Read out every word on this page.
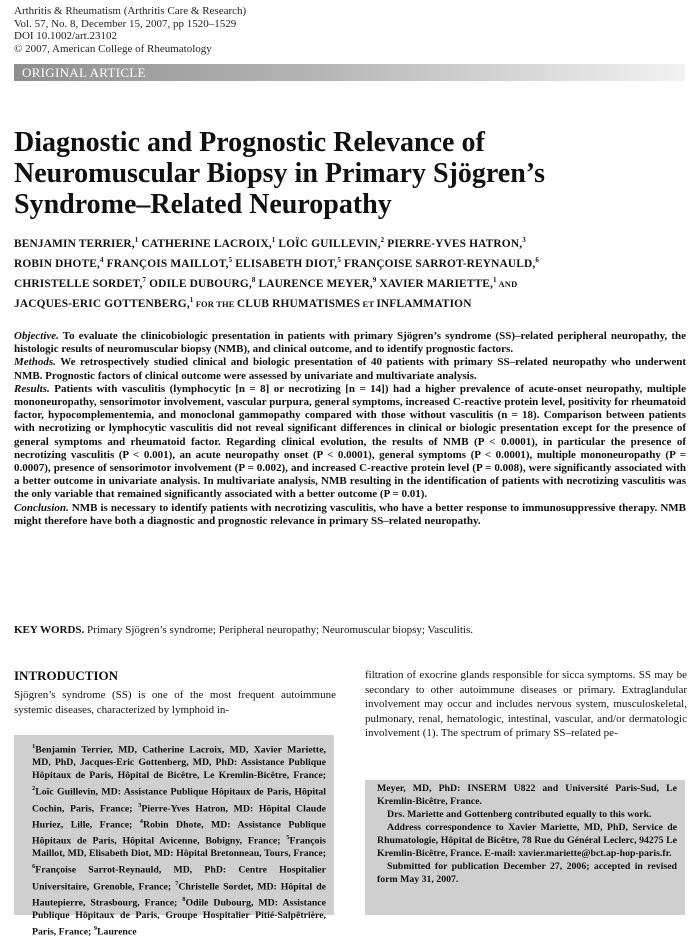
Arthritis & Rheumatism (Arthritis Care & Research)
Vol. 57, No. 8, December 15, 2007, pp 1520–1529
DOI 10.1002/art.23102
© 2007, American College of Rheumatology
ORIGINAL ARTICLE
Diagnostic and Prognostic Relevance of Neuromuscular Biopsy in Primary Sjögren’s Syndrome–Related Neuropathy
BENJAMIN TERRIER,$^1$ CATHERINE LACROIX,$^1$ LOÏC GUILLEVIN,$^2$ PIERRE-YVES HATRON,$^3$
ROBIN DHOTE,$^4$ FRANÇOIS MAILLOT,$^5$ ELISABETH DIOT,$^5$ FRANÇOISE SARROT-REYNAULD,$^6$
CHRISTELLE SORDET,$^7$ ODILE DUBOURG,$^8$ LAURENCE MEYER,$^9$ XAVIER MARIETTE,$^1$ AND
JACQUES-ERIC GOTTENBERG,$^1$ FOR THE CLUB RHUMATISMES ET INFLAMMATION

Objective. To evaluate the clinicobiologic presentation in patients with primary Sjögren’s syndrome (SS)–related peripheral neuropathy, the histologic results of neuromuscular biopsy (NMB), and clinical outcome, and to identify prognostic factors.

Methods. We retrospectively studied clinical and biologic presentation of 40 patients with primary SS–related neuropathy who underwent NMB. Prognostic factors of clinical outcome were assessed by univariate and multivariate analysis.

Results. Patients with vasculitis (lymphocytic [n = 8] or necrotizing [n = 14]) had a higher prevalence of acute-onset neuropathy, multiple mononeuropathy, sensorimotor involvement, vascular purpura, general symptoms, increased C-reactive protein level, positivity for rheumatoid factor, hypocomplementemia, and monoclonal gammopathy compared with those without vasculitis (n = 18). Comparison between patients with necrotizing or lymphocytic vasculitis did not reveal significant differences in clinical or biologic presentation except for the presence of general symptoms and rheumatoid factor. Regarding clinical evolution, the results of NMB (P < 0.0001), in particular the presence of necrotizing vasculitis (P < 0.001), an acute neuropathy onset (P < 0.0001), general symptoms (P < 0.0001), multiple mononeuropathy (P = 0.0007), presence of sensorimotor involvement (P = 0.002), and increased C-reactive protein level (P = 0.008), were significantly associated with a better outcome in univariate analysis. In multivariate analysis, NMB resulting in the identification of patients with necrotizing vasculitis was the only variable that remained significantly associated with a better outcome (P = 0.01).

Conclusion. NMB is necessary to identify patients with necrotizing vasculitis, who have a better response to immunosuppressive therapy. NMB might therefore have both a diagnostic and prognostic relevance in primary SS–related neuropathy.

KEY WORDS. Primary Sjögren’s syndrome; Peripheral neuropathy; Neuromuscular biopsy; Vasculitis.
INTRODUCTION

Sjögren’s syndrome (SS) is one of the most frequent autoimmune systemic diseases, characterized by lymphoid in-

filtration of exocrine glands responsible for sicca symptoms. SS may be secondary to other autoimmune diseases or primary. Extraglandular involvement may occur and includes nervous system, musculoskeletal, pulmonary, renal, hematologic, intestinal, vascular, and/or dermatologic involvement (1). The spectrum of primary SS–related pe-

$^1$Benjamin Terrier, MD, Catherine Lacroix, MD, Xavier Mariette, MD, PhD, Jacques-Eric Gottenberg, MD, PhD: Assistance Publique Hôpitaux de Paris, Hôpital de Bicêtre, Le Kremlin-Bicêtre, France; $^2$Loïc Guillevin, MD: Assistance Publique Hôpitaux de Paris, Hôpital Cochin, Paris, France; $^3$Pierre-Yves Hatron, MD: Hôpital Claude Huriez, Lille, France; $^4$Robin Dhote, MD: Assistance Publique Hôpitaux de Paris, Hôpital Avicenne, Bobigny, France; $^5$François Maillot, MD, Elisabeth Diot, MD: Hôpital Bretonneau, Tours, France; $^6$Françoise Sarrot-Reynauld, MD, PhD: Centre Hospitalier Universitaire, Grenoble, France; $^7$Christelle Sordet, MD: Hôpital de Hautepierre, Strasbourg, France; $^8$Odile Dubourg, MD: Assistance Publique Hôpitaux de Paris, Groupe Hospitalier Pitié-Salpêtrière, Paris, France; $^9$Laurence

Meyer, MD, PhD: INSERM U822 and Université Paris-Sud, Le Kremlin-Bicêtre, France.

Drs. Mariette and Gottenberg contributed equally to this work.

Address correspondence to Xavier Mariette, MD, PhD, Service de Rhumatologie, Hôpital de Bicêtre, 78 Rue du Général Leclerc, 94275 Le Kremlin-Bicêtre, France. E-mail: xavier.mariette@bct.ap-hop-paris.fr.

Submitted for publication December 27, 2006; accepted in revised form May 31, 2007.
